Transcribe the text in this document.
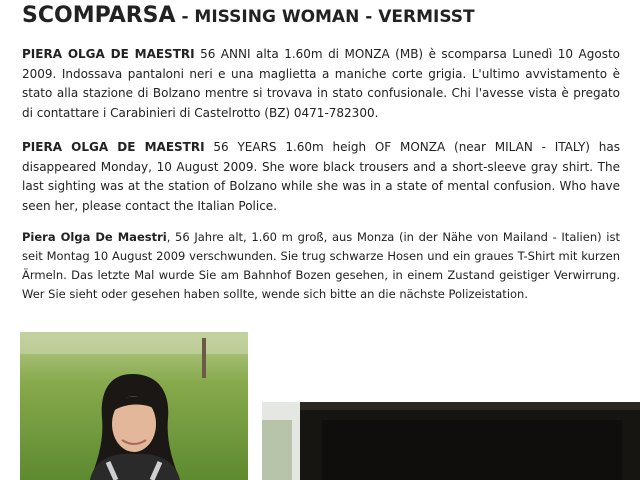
SCOMPARSA - MISSING WOMAN - VERMISST

PIERA OLGA DE MAESTRI 56 ANNI alta 1.60m di MONZA (MB) è scomparsa Lunedì 10 Agosto 2009. Indossava pantaloni neri e una maglietta a maniche corte grigia. L'ultimo avvistamento è stato alla stazione di Bolzano mentre si trovava in stato confusionale. Chi l'avesse vista è pregato di contattare i Carabinieri di Castelrotto (BZ) 0471-782300.

PIERA OLGA DE MAESTRI 56 YEARS 1.60m heigh OF MONZA (near MILAN - ITALY) has disappeared Monday, 10 August 2009. She wore black trousers and a short-sleeve gray shirt. The last sighting was at the station of Bolzano while she was in a state of mental confusion. Who have seen her, please contact the Italian Police.

Piera Olga De Maestri, 56 Jahre alt, 1.60 m groß, aus Monza (in der Nähe von Mailand - Italien) ist seit Montag 10 August 2009 verschwunden. Sie trug schwarze Hosen und ein graues T-Shirt mit kurzen Ärmeln. Das letzte Mal wurde Sie am Bahnhof Bozen gesehen, in einem Zustand geistiger Verwirrung. Wer Sie sieht oder gesehen haben sollte, wende sich bitte an die nächste Polizeistation.
